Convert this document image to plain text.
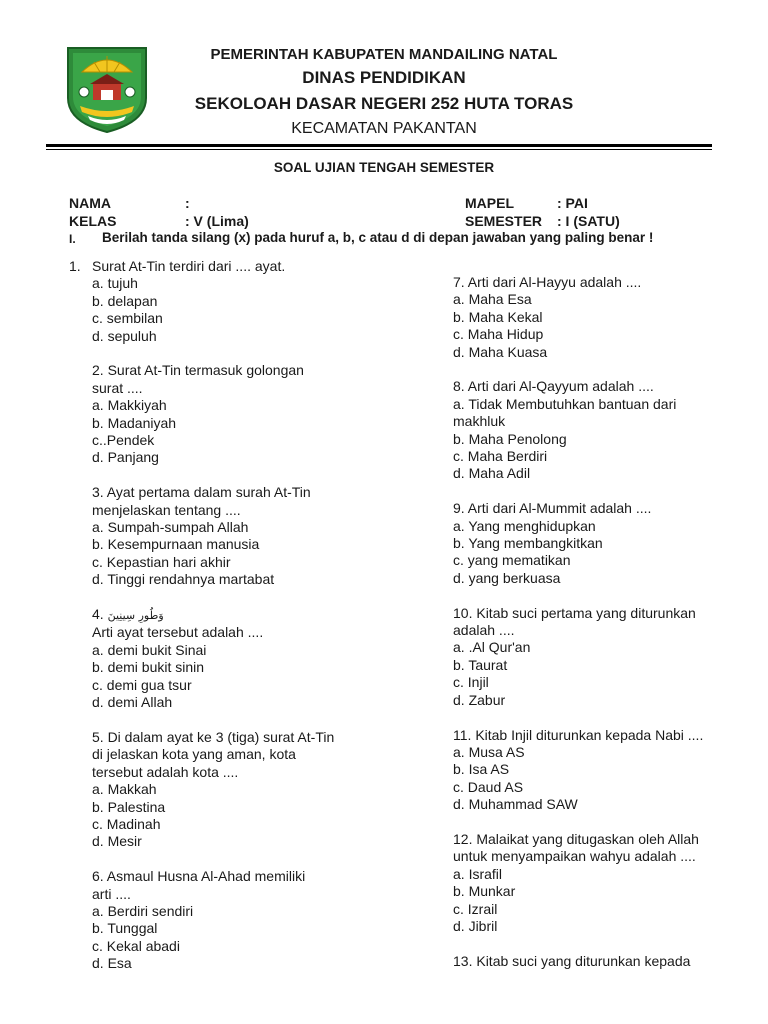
PEMERINTAH KABUPATEN MANDAILING NATAL
DINAS PENDIDIKAN
SEKOLOAH DASAR NEGERI 252 HUTA TORAS
KECAMATAN PAKANTAN
SOAL UJIAN TENGAH SEMESTER
NAMA	:
KELAS	: V (Lima)
MAPEL	: PAI
SEMESTER : I (SATU)
I. Berilah tanda silang (x) pada huruf a, b, c atau d di depan jawaban yang paling benar !
1. Surat At-Tin terdiri dari .... ayat.
a. tujuh
b. delapan
c. sembilan
d. sepuluh
2. Surat At-Tin termasuk golongan
surat ....
a. Makkiyah
b. Madaniyah
c..Pendek
d. Panjang
3. Ayat pertama dalam surah At-Tin
menjelaskan tentang ....
a. Sumpah-sumpah Allah
b. Kesempurnaan manusia
c. Kepastian hari akhir
d. Tinggi rendahnya martabat
4. وَطُورِ سِينِينَ
Arti ayat tersebut adalah ....
a. demi bukit Sinai
b. demi bukit sinin
c. demi gua tsur
d. demi Allah
5. Di dalam ayat ke 3 (tiga) surat At-Tin
di jelaskan kota yang aman, kota
tersebut adalah kota ....
a. Makkah
b. Palestina
c. Madinah
d. Mesir
6. Asmaul Husna Al-Ahad memiliki
arti ....
a. Berdiri sendiri
b. Tunggal
c. Kekal abadi
d. Esa
7. Arti dari Al-Hayyu adalah ....
a. Maha Esa
b. Maha Kekal
c. Maha Hidup
d. Maha Kuasa
8. Arti dari Al-Qayyum adalah ....
a. Tidak Membutuhkan bantuan dari
makhluk
b. Maha Penolong
c. Maha Berdiri
d. Maha Adil
9. Arti dari Al-Mummit adalah ....
a. Yang menghidupkan
b. Yang membangkitkan
c. yang mematikan
d. yang berkuasa
10. Kitab suci pertama yang diturunkan
adalah ....
a. .Al Qur'an
b. Taurat
c. Injil
d. Zabur
11. Kitab Injil diturunkan kepada Nabi ....
a. Musa AS
b. Isa AS
c. Daud AS
d. Muhammad SAW
12. Malaikat yang ditugaskan oleh Allah
untuk menyampaikan wahyu adalah ....
a. Israfil
b. Munkar
c. Izrail
d. Jibril
13. Kitab suci yang diturunkan kepada
